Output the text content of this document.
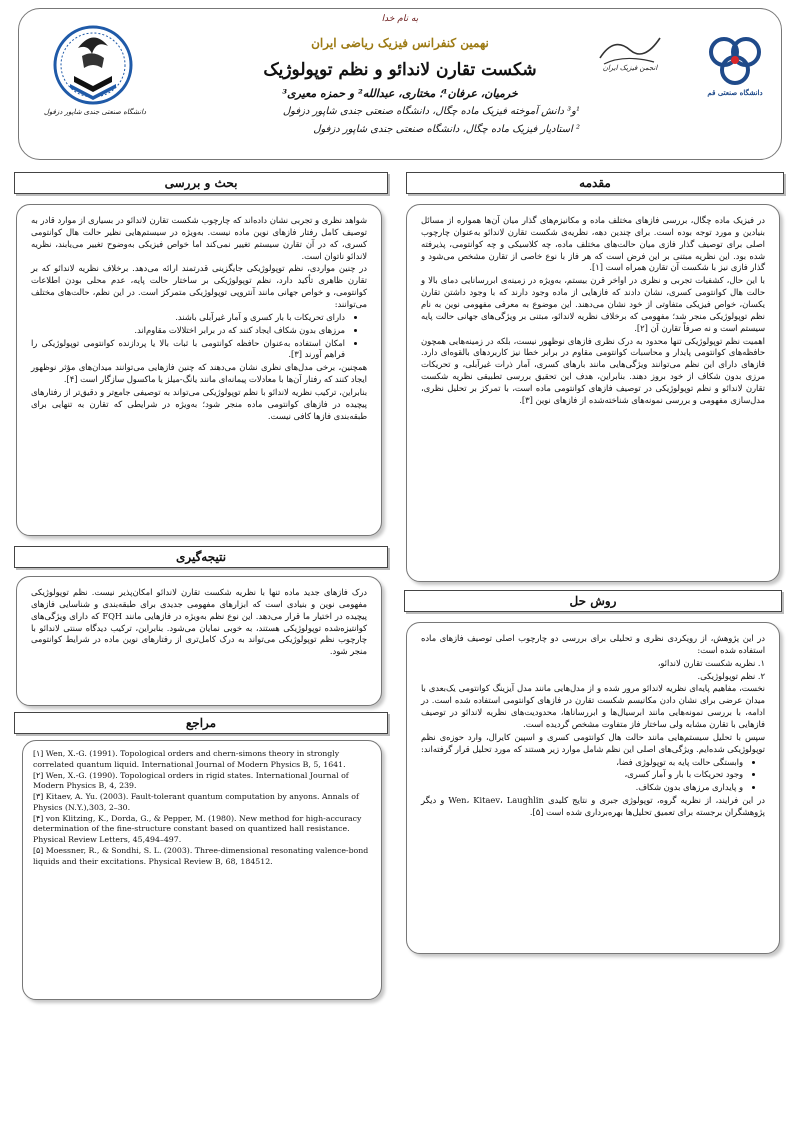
به نام خدا
نهمین کنفرانس فیزیک ریاضی ایران
شکست تقارن لاندائو و نظم توپولوژیک
خرمیان، عرفان¹؛ مختاری، عبدالله² و حمزه معیری³
¹و³ دانش آموخته فیزیک ماده چگال، دانشگاه صنعتی جندی شاپور دزفول
² استادیار فیزیک ماده چگال، دانشگاه صنعتی جندی شاپور دزفول
دانشگاه صنعتی جندی شاپور دزفول
انجمن فیزیک ایران
دانشگاه صنعتی قم
مقدمه

در فیزیک ماده چگال، بررسی فازهای مختلف ماده و مکانیزم‌های گذار میان آن‌ها همواره از مسائل بنیادین و مورد توجه بوده است. برای چندین دهه، نظریه‌ی شکست تقارن لاندائو به‌عنوان چارچوب اصلی برای توصیف گذار فازی میان حالت‌های مختلف ماده، چه کلاسیکی و چه کوانتومی، پذیرفته شده بود. این نظریه مبتنی بر این فرض است که هر فاز با نوع خاصی از تقارن مشخص می‌شود و گذار فازی نیز با شکست آن تقارن همراه است [۱].

با این حال، کشفیات تجربی و نظری در اواخر قرن بیستم، به‌ویژه در زمینه‌ی ابررسانایی دمای بالا و حالت هال کوانتومی کسری، نشان دادند که فازهایی از ماده وجود دارند که با وجود داشتن تقارن یکسان، خواص فیزیکی متفاوتی از خود نشان می‌دهند. این موضوع به معرفی مفهومی نوین به نام نظم توپولوژیکی منجر شد؛ مفهومی که برخلاف نظریه لاندائو، مبتنی بر ویژگی‌های جهانی حالت پایه سیستم است و نه صرفاً تقارن آن [۲].

اهمیت نظم توپولوژیکی تنها محدود به درک نظری فازهای نوظهور نیست، بلکه در زمینه‌هایی همچون حافظه‌های کوانتومی پایدار و محاسبات کوانتومی مقاوم در برابر خطا نیز کاربردهای بالقوه‌ای دارد. فازهای دارای این نظم می‌توانند ویژگی‌هایی مانند بارهای کسری، آمار ذرات غیرآبلی، و تحریکات مرزی بدون شکاف از خود بروز دهند. بنابراین، هدف این تحقیق بررسی تطبیقی نظریه شکست تقارن لاندائو و نظم توپولوژیکی در توصیف فازهای کوانتومی ماده است، با تمرکز بر تحلیل نظری، مدل‌سازی مفهومی و بررسی نمونه‌های شناخته‌شده از فازهای نوین [۳].

بحث و بررسی

شواهد نظری و تجربی نشان داده‌اند که چارچوب شکست تقارن لاندائو در بسیاری از موارد قادر به توصیف کامل رفتار فازهای نوین ماده نیست. به‌ویژه در سیستم‌هایی نظیر حالت هال کوانتومی کسری، که در آن تقارن سیستم تغییر نمی‌کند اما خواص فیزیکی به‌وضوح تغییر می‌یابند، نظریه لاندائو ناتوان است.

در چنین مواردی، نظم توپولوژیکی جایگزینی قدرتمند ارائه می‌دهد. برخلاف نظریه لاندائو که بر تقارن ظاهری تأکید دارد، نظم توپولوژیکی بر ساختار حالت پایه، عدم محلی بودن اطلاعات کوانتومی، و خواص جهانی مانند آنتروپی توپولوژیکی متمرکز است. در این نظم، حالت‌های مختلف می‌توانند:

• دارای تحریکات با بار کسری و آمار غیرآبلی باشند.
• مرزهای بدون شکاف ایجاد کنند که در برابر اختلالات مقاوم‌اند.
• امکان استفاده به‌عنوان حافظه کوانتومی با ثبات بالا یا پردازنده کوانتومی توپولوژیکی را فراهم آورند [۳].

همچنین، برخی مدل‌های نظری نشان می‌دهند که چنین فازهایی می‌توانند میدان‌های مؤثر نوظهور ایجاد کنند که رفتار آن‌ها با معادلات پیمانه‌ای مانند یانگ-میلز یا ماکسول سازگار است [۴].

بنابراین، ترکیب نظریه لاندائو با نظم توپولوژیکی می‌تواند به توصیفی جامع‌تر و دقیق‌تر از رفتارهای پیچیده در فازهای کوانتومی ماده منجر شود؛ به‌ویژه در شرایطی که تقارن به تنهایی برای طبقه‌بندی فازها کافی نیست.

نتیجه‌گیری

درک فازهای جدید ماده تنها با نظریه شکست تقارن لاندائو امکان‌پذیر نیست. نظم توپولوژیکی مفهومی نوین و بنیادی است که ابزارهای مفهومی جدیدی برای طبقه‌بندی و شناسایی فازهای پیچیده در اختیار ما قرار می‌دهد. این نوع نظم به‌ویژه در فازهایی مانند FQH که دارای ویژگی‌های کوانتیزه‌شده توپولوژیکی هستند، به خوبی نمایان می‌شود. بنابراین، ترکیب دیدگاه سنتی لاندائو با چارچوب نظم توپولوژیکی می‌تواند به درک کامل‌تری از رفتارهای نوین ماده در شرایط کوانتومی منجر شود.

مراجع

[۱] Wen, X.-G. (1991). Topological orders and chern-simons theory in strongly correlated quantum liquid. International Journal of Modern Physics B, 5, 1641.

[۲] Wen, X.-G. (1990). Topological orders in rigid states. International Journal of Modern Physics B, 4, 239.

[۳] Kitaev, A. Yu. (2003). Fault-tolerant quantum computation by anyons. Annals of Physics (N.Y.),303, 2–30.

[۴] von Klitzing, K., Dorda, G., & Pepper, M. (1980). New method for high-accuracy determination of the fine-structure constant based on quantized hall resistance. Physical Review Letters, 45,494–497.

[۵] Moessner, R., & Sondhi, S. L. (2003). Three-dimensional resonating valence-bond liquids and their excitations. Physical Review B, 68, 184512.

روش حل

در این پژوهش، از رویکردی نظری و تحلیلی برای بررسی دو چارچوب اصلی توصیف فازهای ماده استفاده شده است:

۱. نظریه شکست تقارن لاندائو،

۲. نظم توپولوژیکی.

نخست، مفاهیم پایه‌ای نظریه لاندائو مرور شده و از مدل‌هایی مانند مدل آیزینگ کوانتومی یک‌بعدی با میدان عرضی برای نشان دادن مکانیسم شکست تقارن در فازهای کوانتومی استفاده شده است. در ادامه، با بررسی نمونه‌هایی مانند ابرسیال‌ها و ابررساناها، محدودیت‌های نظریه لاندائو در توصیف فازهایی با تقارن مشابه ولی ساختار فاز متفاوت مشخص گردیده است.

سپس با تحلیل سیستم‌هایی مانند حالت هال کوانتومی کسری و اسپین کایرال، وارد حوزه‌ی نظم توپولوژیکی شده‌ایم. ویژگی‌های اصلی این نظم شامل موارد زیر هستند که مورد تحلیل قرار گرفته‌اند:

• وابستگی حالت پایه به توپولوژی فضا،
• وجود تحریکات با بار و آمار کسری،
• و پایداری مرزهای بدون شکاف.

در این فرایند، از نظریه گروه، توپولوژی جبری و نتایج کلیدی Wen، Kitaev، Laughlin و دیگر پژوهشگران برجسته برای تعمیق تحلیل‌ها بهره‌برداری شده است [۵].
